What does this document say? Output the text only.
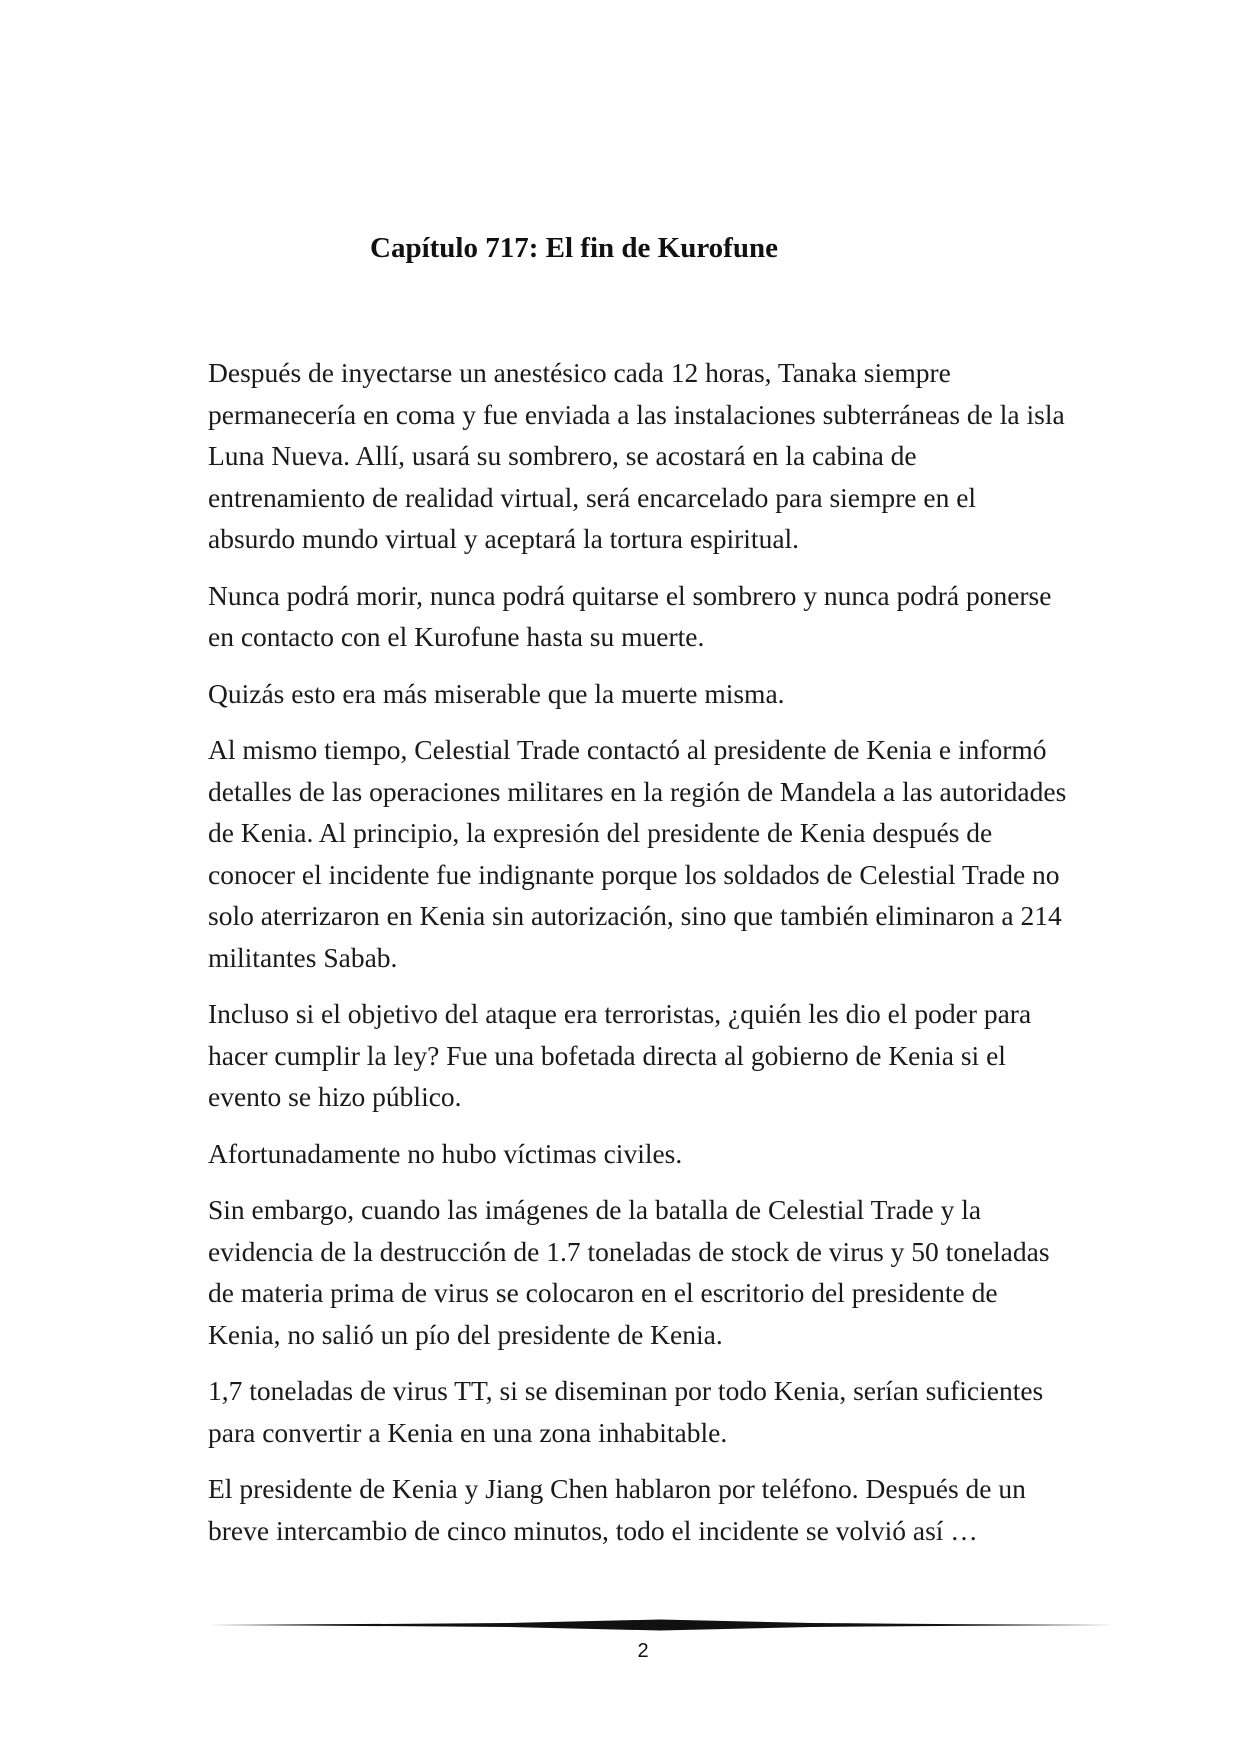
Capítulo 717: El fin de Kurofune

Después de inyectarse un anestésico cada 12 horas, Tanaka siempre permanecería en coma y fue enviada a las instalaciones subterráneas de la isla Luna Nueva. Allí, usará su sombrero, se acostará en la cabina de entrenamiento de realidad virtual, será encarcelado para siempre en el absurdo mundo virtual y aceptará la tortura espiritual.

Nunca podrá morir, nunca podrá quitarse el sombrero y nunca podrá ponerse en contacto con el Kurofune hasta su muerte.

Quizás esto era más miserable que la muerte misma.

Al mismo tiempo, Celestial Trade contactó al presidente de Kenia e informó detalles de las operaciones militares en la región de Mandela a las autoridades de Kenia. Al principio, la expresión del presidente de Kenia después de conocer el incidente fue indignante porque los soldados de Celestial Trade no solo aterrizaron en Kenia sin autorización, sino que también eliminaron a 214 militantes Sabab.

Incluso si el objetivo del ataque era terroristas, ¿quién les dio el poder para hacer cumplir la ley? Fue una bofetada directa al gobierno de Kenia si el evento se hizo público.

Afortunadamente no hubo víctimas civiles.

Sin embargo, cuando las imágenes de la batalla de Celestial Trade y la evidencia de la destrucción de 1.7 toneladas de stock de virus y 50 toneladas de materia prima de virus se colocaron en el escritorio del presidente de Kenia, no salió un pío del presidente de Kenia.

1,7 toneladas de virus TT, si se diseminan por todo Kenia, serían suficientes para convertir a Kenia en una zona inhabitable.

El presidente de Kenia y Jiang Chen hablaron por teléfono. Después de un breve intercambio de cinco minutos, todo el incidente se volvió así …

2
